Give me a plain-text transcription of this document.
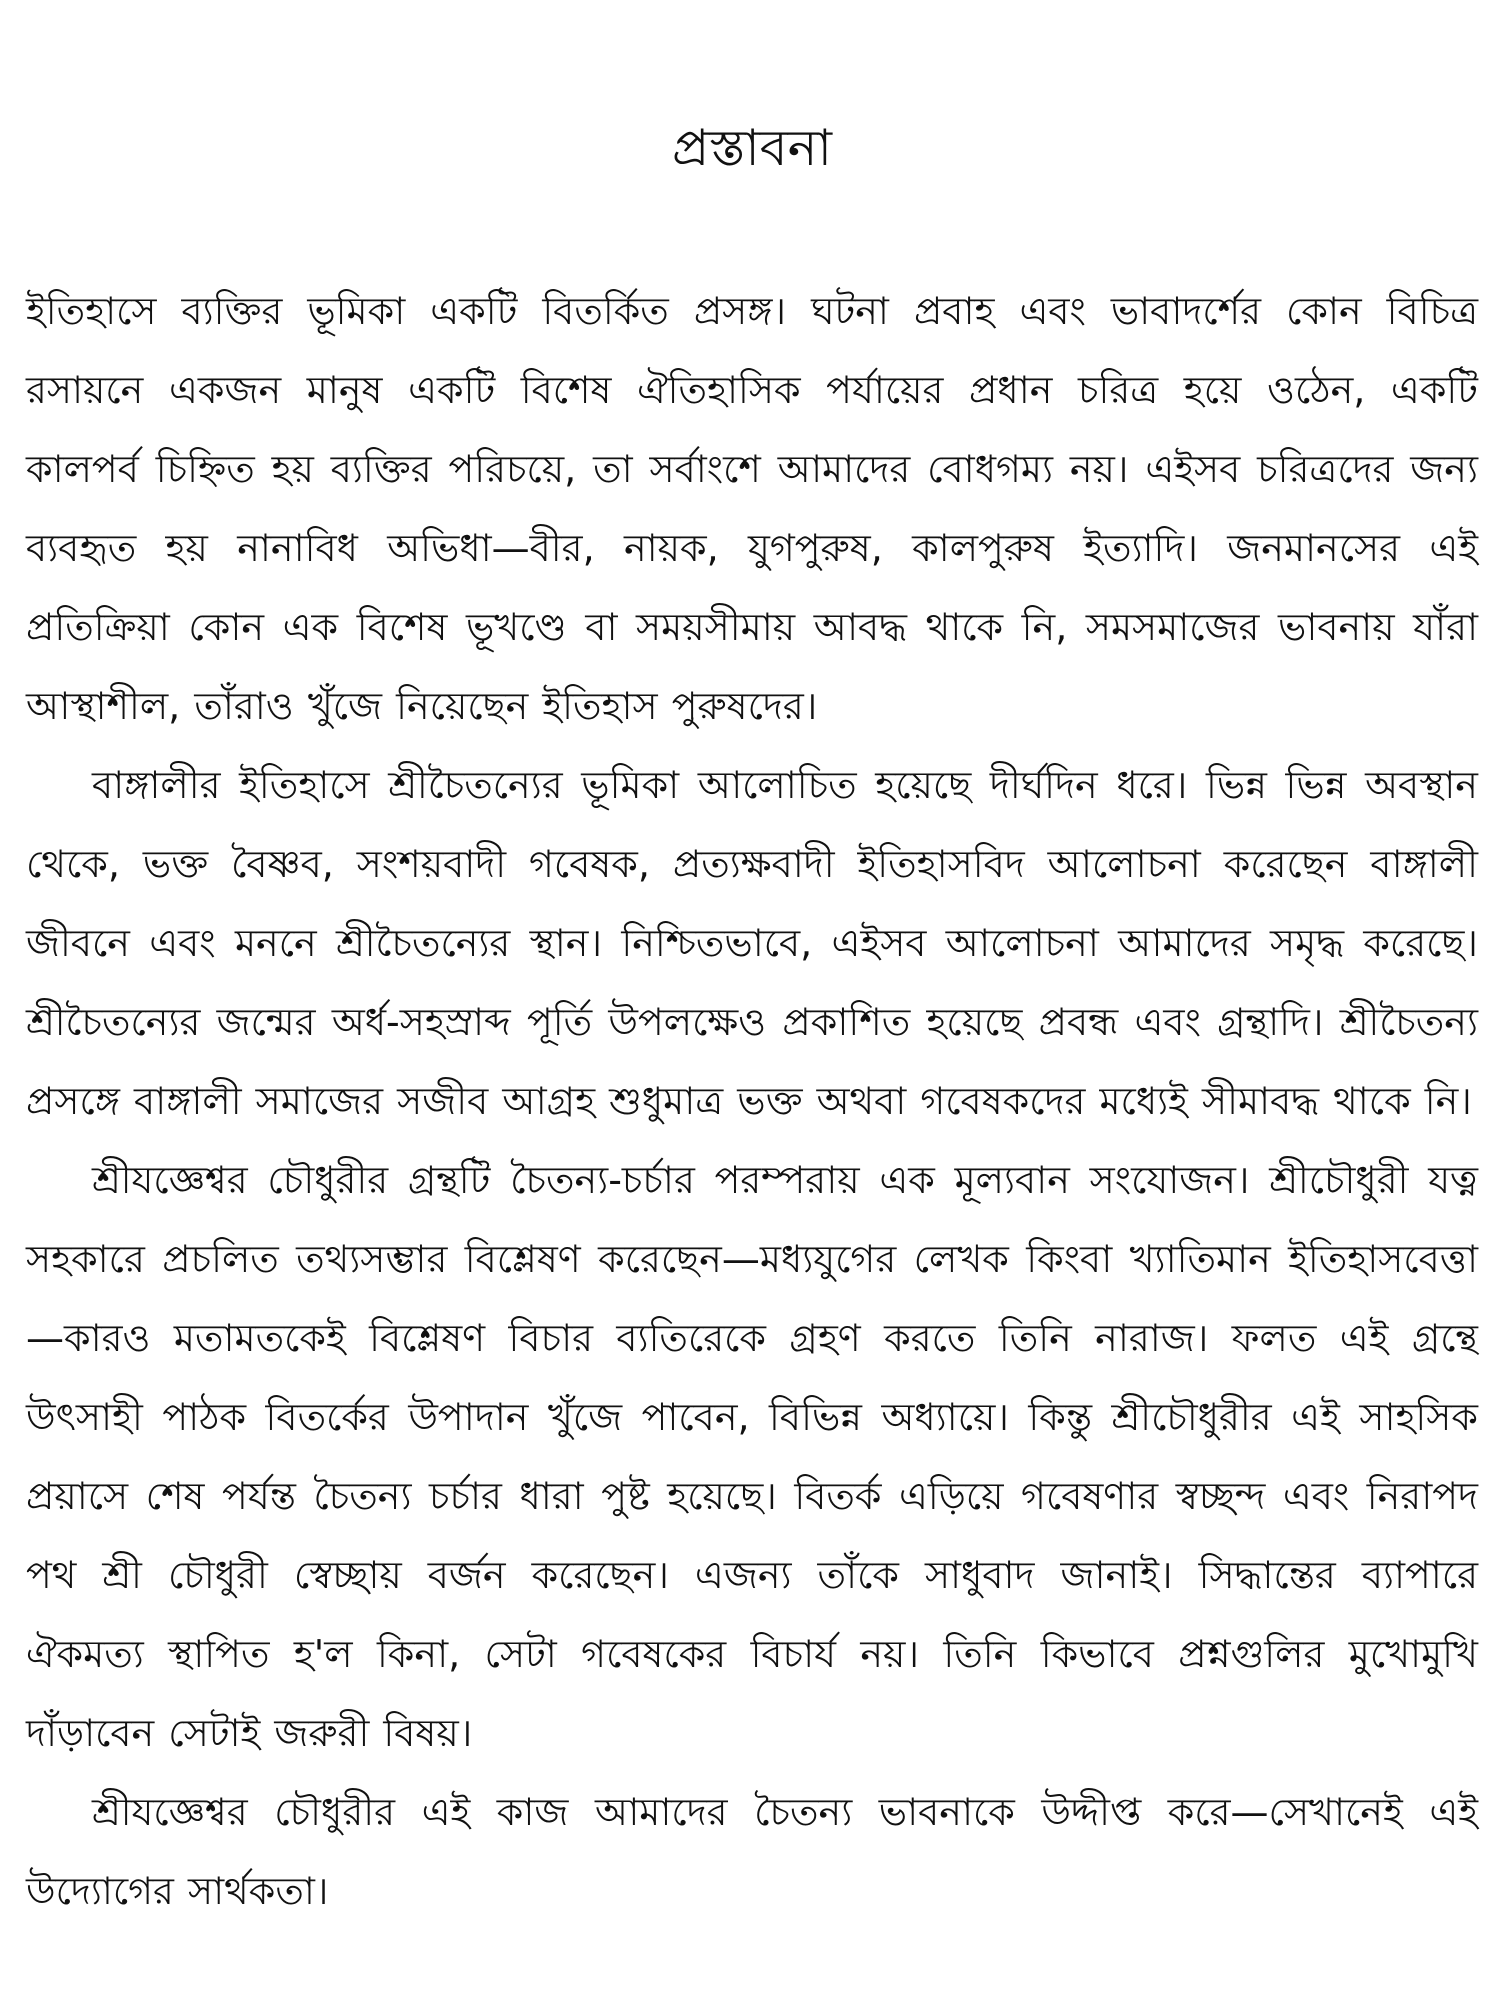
প্রস্তাবনা

ইতিহাসে ব্যক্তির ভূমিকা একটি বিতর্কিত প্রসঙ্গ। ঘটনা প্রবাহ এবং ভাবাদর্শের কোন বিচিত্র রসায়নে একজন মানুষ একটি বিশেষ ঐতিহাসিক পর্যায়ের প্রধান চরিত্র হয়ে ওঠেন, একটি কালপর্ব চিহ্নিত হয় ব্যক্তির পরিচয়ে, তা সর্বাংশে আমাদের বোধগম্য নয়। এইসব চরিত্রদের জন্য ব্যবহৃত হয় নানাবিধ অভিধা—বীর, নায়ক, যুগপুরুষ, কালপুরুষ ইত্যাদি। জনমানসের এই প্রতিক্রিয়া কোন এক বিশেষ ভূখণ্ডে বা সময়সীমায় আবদ্ধ থাকে নি, সমসমাজের ভাবনায় যাঁরা আস্থাশীল, তাঁরাও খুঁজে নিয়েছেন ইতিহাস পুরুষদের।

বাঙ্গালীর ইতিহাসে শ্রীচৈতন্যের ভূমিকা আলোচিত হয়েছে দীর্ঘদিন ধরে। ভিন্ন ভিন্ন অবস্থান থেকে, ভক্ত বৈষ্ণব, সংশয়বাদী গবেষক, প্রত্যক্ষবাদী ইতিহাসবিদ আলোচনা করেছেন বাঙ্গালী জীবনে এবং মননে শ্রীচৈতন্যের স্থান। নিশ্চিতভাবে, এইসব আলোচনা আমাদের সমৃদ্ধ করেছে। শ্রীচৈতন্যের জন্মের অর্ধ-সহস্রাব্দ পূর্তি উপলক্ষেও প্রকাশিত হয়েছে প্রবন্ধ এবং গ্রন্থাদি। শ্রীচৈতন্য প্রসঙ্গে বাঙ্গালী সমাজের সজীব আগ্রহ শুধুমাত্র ভক্ত অথবা গবেষকদের মধ্যেই সীমাবদ্ধ থাকে নি।

শ্রীযজ্ঞেশ্বর চৌধুরীর গ্রন্থটি চৈতন্য-চর্চার পরম্পরায় এক মূল্যবান সংযোজন। শ্রীচৌধুরী যত্ন সহকারে প্রচলিত তথ্যসম্ভার বিশ্লেষণ করেছেন—মধ্যযুগের লেখক কিংবা খ্যাতিমান ইতিহাসবেত্তা—কারও মতামতকেই বিশ্লেষণ বিচার ব্যতিরেকে গ্রহণ করতে তিনি নারাজ। ফলত এই গ্রন্থে উৎসাহী পাঠক বিতর্কের উপাদান খুঁজে পাবেন, বিভিন্ন অধ্যায়ে। কিন্তু শ্রীচৌধুরীর এই সাহসিক প্রয়াসে শেষ পর্যন্ত চৈতন্য চর্চার ধারা পুষ্ট হয়েছে। বিতর্ক এড়িয়ে গবেষণার স্বচ্ছন্দ এবং নিরাপদ পথ শ্রী চৌধুরী স্বেচ্ছায় বর্জন করেছেন। এজন্য তাঁকে সাধুবাদ জানাই। সিদ্ধান্তের ব্যাপারে ঐকমত্য স্থাপিত হ'ল কিনা, সেটা গবেষকের বিচার্য নয়। তিনি কিভাবে প্রশ্নগুলির মুখোমুখি দাঁড়াবেন সেটাই জরুরী বিষয়।

শ্রীযজ্ঞেশ্বর চৌধুরীর এই কাজ আমাদের চৈতন্য ভাবনাকে উদ্দীপ্ত করে—সেখানেই এই উদ্যোগের সার্থকতা।
